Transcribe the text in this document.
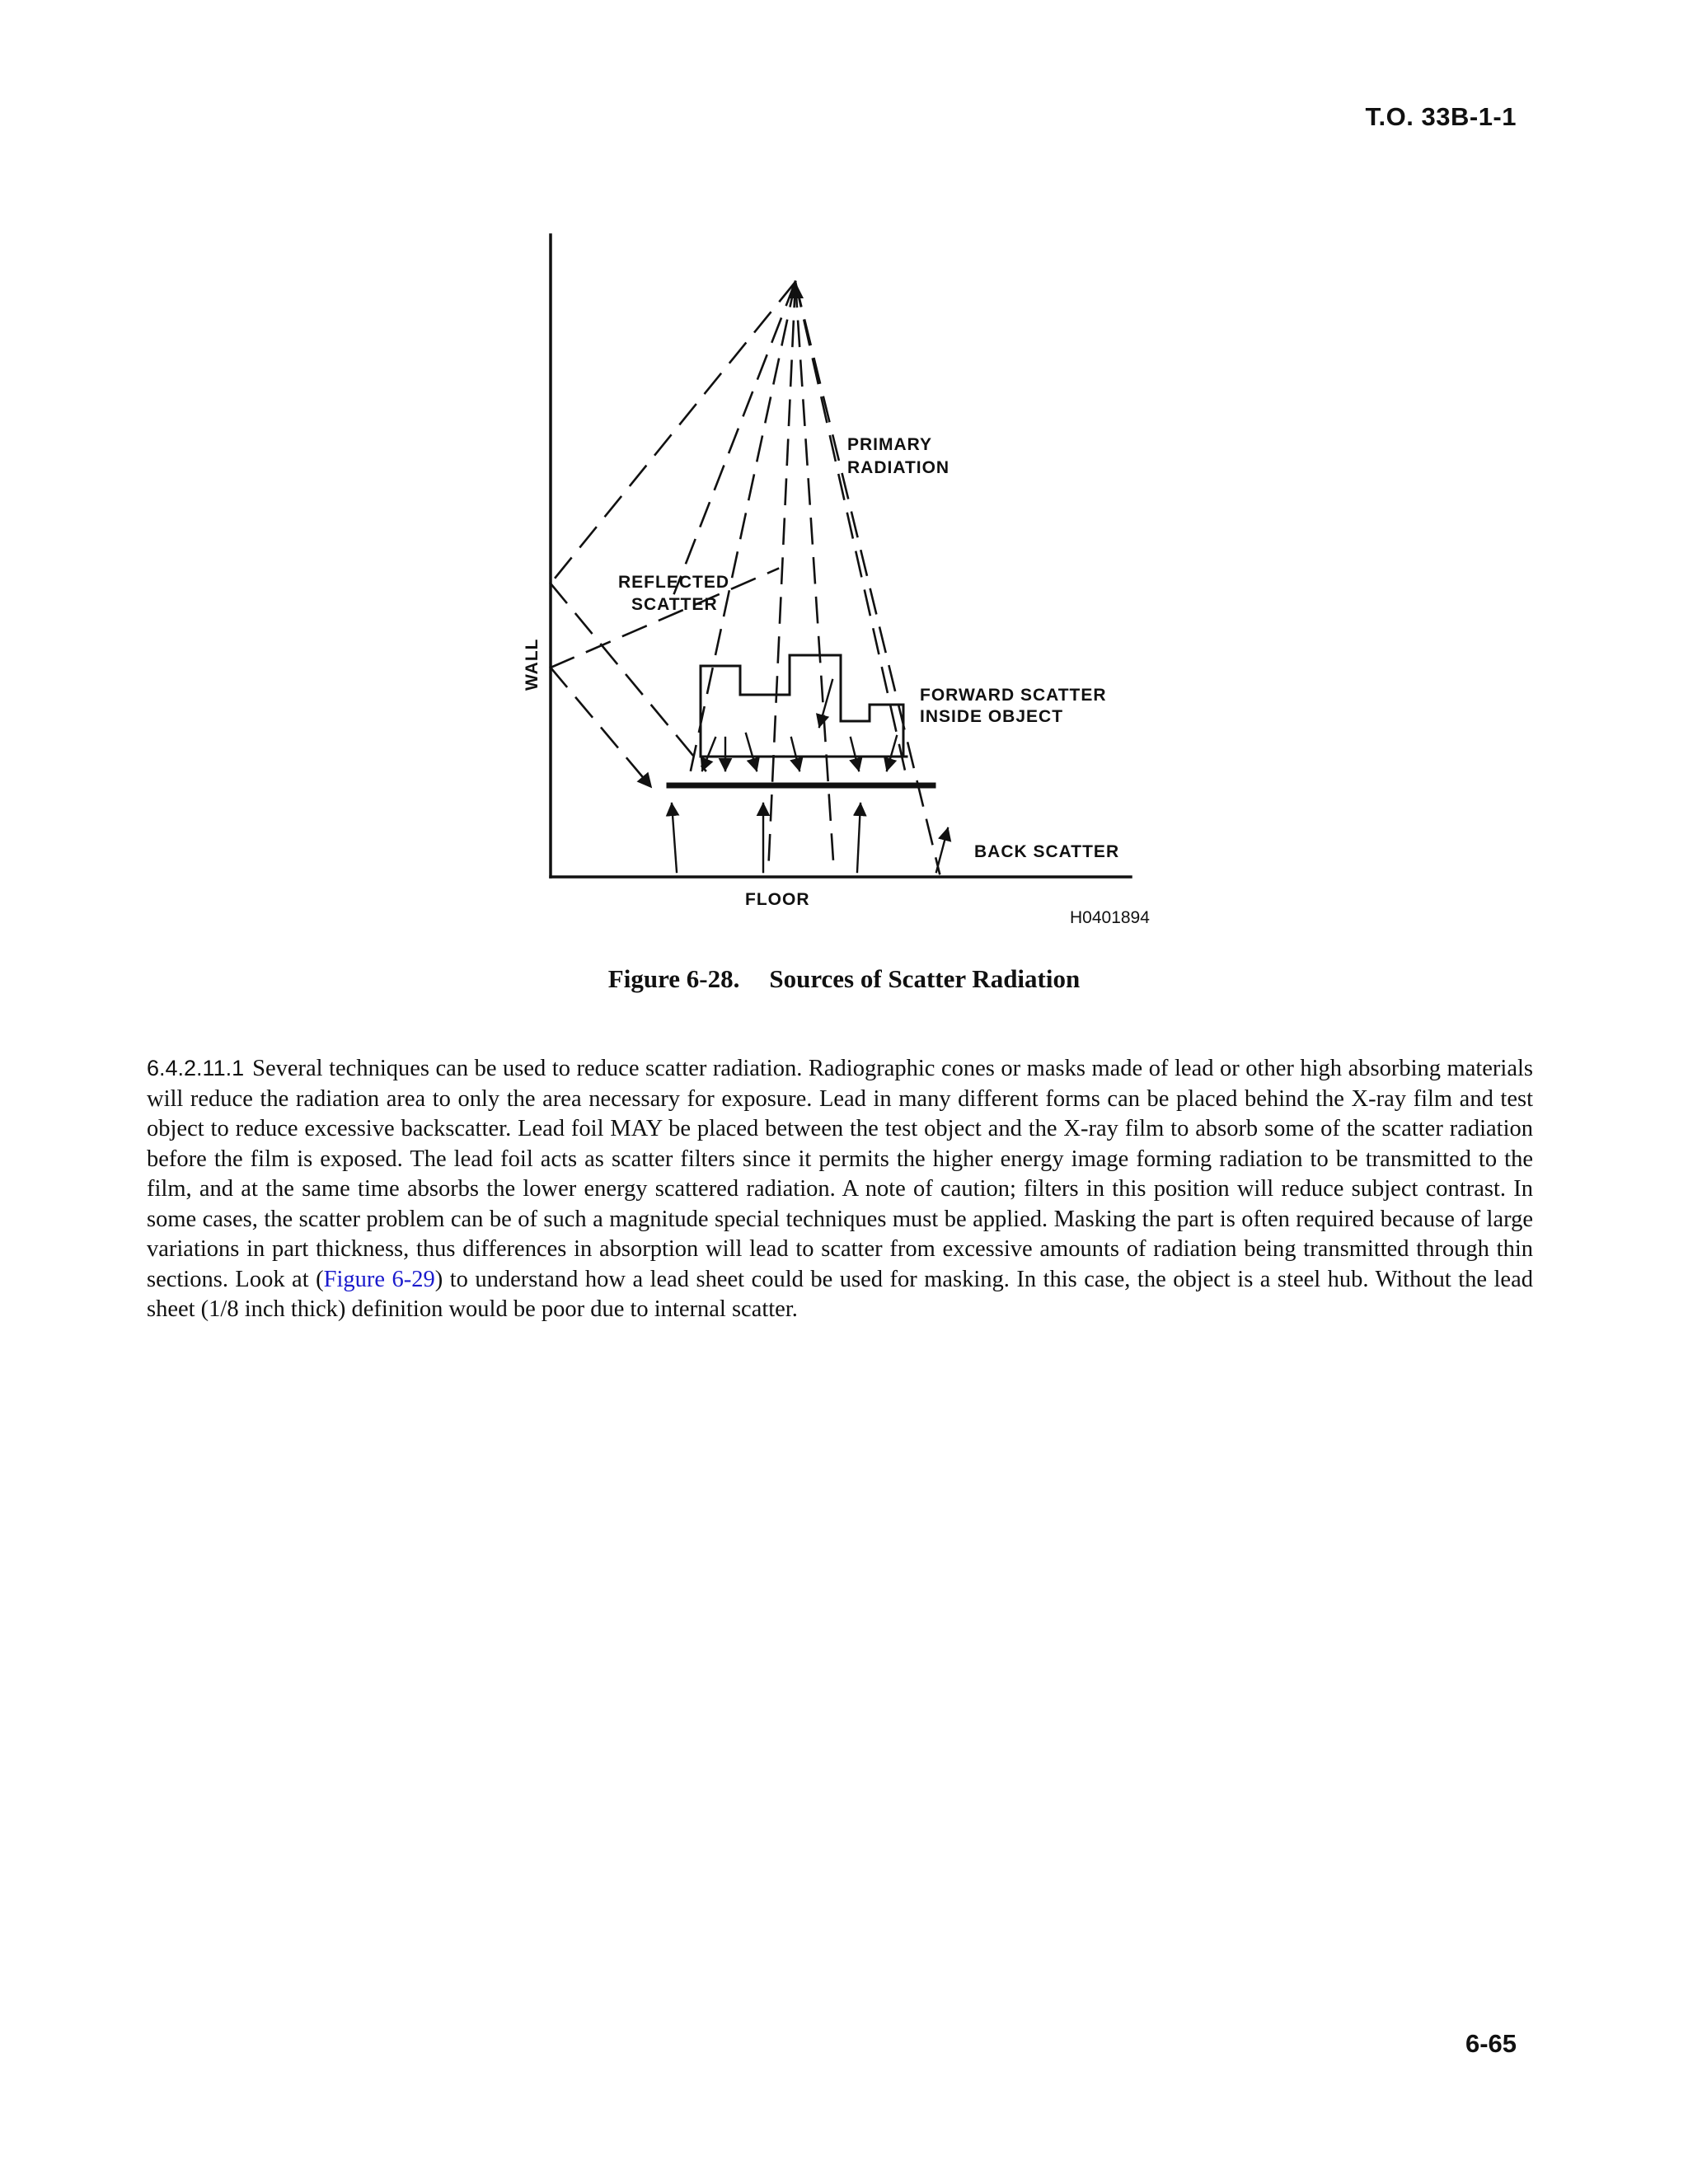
T.O. 33B-1-1
PRIMARY
RADIATION
REFLECTED
SCATTER
WALL
FORWARD SCATTER
INSIDE OBJECT
BACK SCATTER
FLOOR
H0401894
Figure 6-28. Sources of Scatter Radiation

6.4.2.11.1 Several techniques can be used to reduce scatter radiation. Radiographic cones or masks made of lead or other high absorbing materials will reduce the radiation area to only the area necessary for exposure. Lead in many different forms can be placed behind the X-ray film and test object to reduce excessive backscatter. Lead foil MAY be placed between the test object and the X-ray film to absorb some of the scatter radiation before the film is exposed. The lead foil acts as scatter filters since it permits the higher energy image forming radiation to be transmitted to the film, and at the same time absorbs the lower energy scattered radiation. A note of caution; filters in this position will reduce subject contrast. In some cases, the scatter problem can be of such a magnitude special techniques must be applied. Masking the part is often required because of large variations in part thickness, thus differences in absorption will lead to scatter from excessive amounts of radiation being transmitted through thin sections. Look at (Figure 6-29) to understand how a lead sheet could be used for masking. In this case, the object is a steel hub. Without the lead sheet (1/8 inch thick) definition would be poor due to internal scatter.

6-65
